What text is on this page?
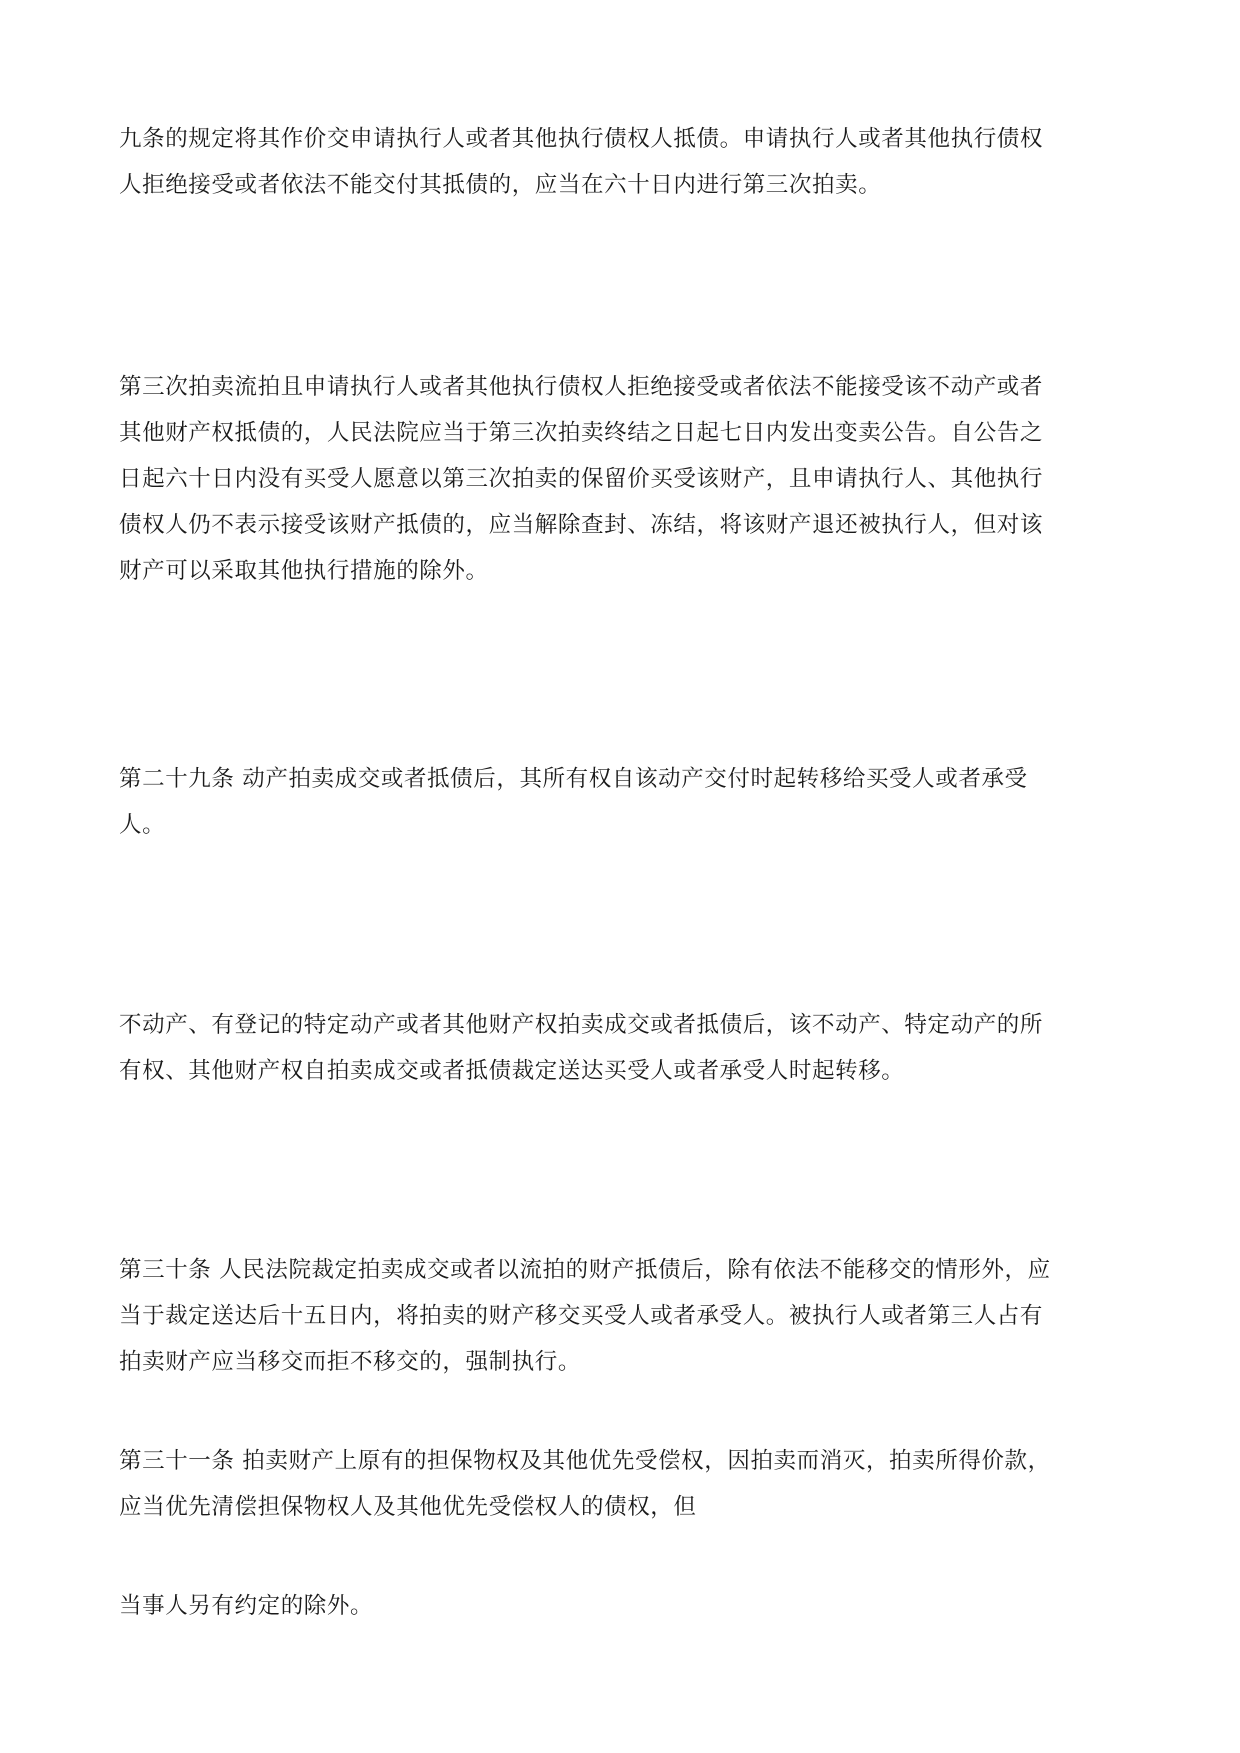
九条的规定将其作价交申请执行人或者其他执行债权人抵债。申请执行人或者其他执行债权
人拒绝接受或者依法不能交付其抵债的，应当在六十日内进行第三次拍卖。

第三次拍卖流拍且申请执行人或者其他执行债权人拒绝接受或者依法不能接受该不动产或者
其他财产权抵债的，人民法院应当于第三次拍卖终结之日起七日内发出变卖公告。自公告之
日起六十日内没有买受人愿意以第三次拍卖的保留价买受该财产，且申请执行人、其他执行
债权人仍不表示接受该财产抵债的，应当解除查封、冻结，将该财产退还被执行人，但对该
财产可以采取其他执行措施的除外。

第二十九条 动产拍卖成交或者抵债后，其所有权自该动产交付时起转移给买受人或者承受
人。

不动产、有登记的特定动产或者其他财产权拍卖成交或者抵债后，该不动产、特定动产的所
有权、其他财产权自拍卖成交或者抵债裁定送达买受人或者承受人时起转移。

第三十条 人民法院裁定拍卖成交或者以流拍的财产抵债后，除有依法不能移交的情形外，应
当于裁定送达后十五日内，将拍卖的财产移交买受人或者承受人。被执行人或者第三人占有
拍卖财产应当移交而拒不移交的，强制执行。

第三十一条 拍卖财产上原有的担保物权及其他优先受偿权，因拍卖而消灭，拍卖所得价款，
应当优先清偿担保物权人及其他优先受偿权人的债权，但

当事人另有约定的除外。
